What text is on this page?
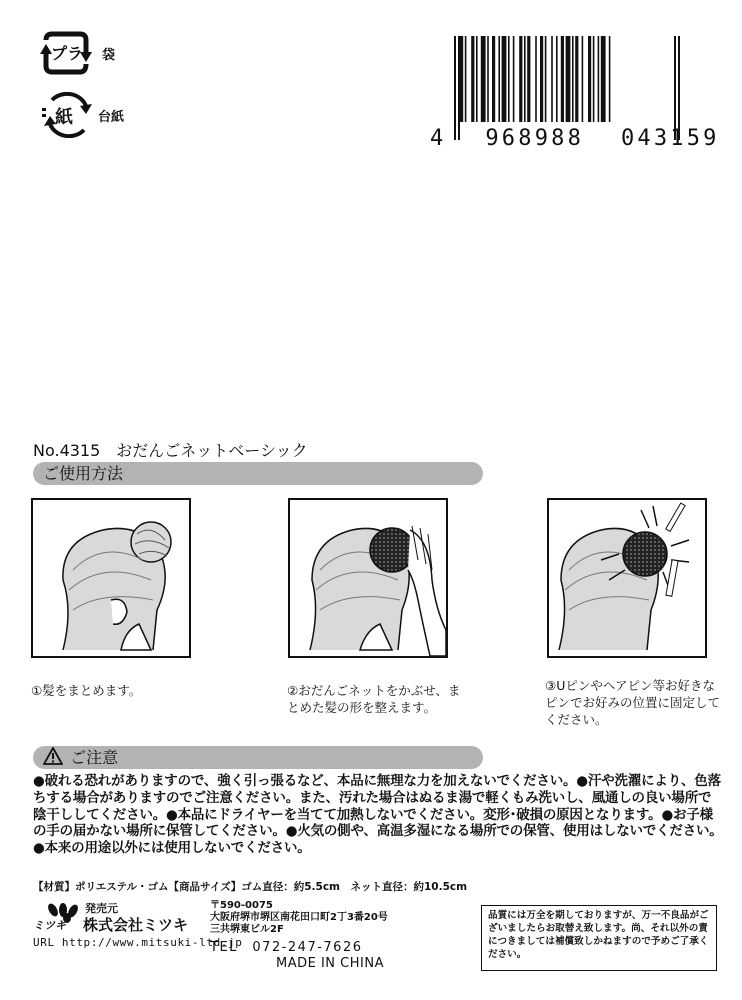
プラ 袋
紙 台紙
4 968988 043159
No.4315　おだんごネットベーシック
ご使用方法
①髪をまとめます。	②おだんごネットをかぶせ、まとめた髪の形を整えます。
③Uピンやヘアピン等お好きなピンでお好みの位置に固定してください。
ご注意
●破れる恐れがありますので、強く引っ張るなど、本品に無理な力を加えないでください。●汗や洗濯により、色落ちする場合がありますのでご注意ください。また、汚れた場合はぬるま湯で軽くもみ洗いし、風通しの良い場所で陰干ししてください。●本品にドライヤーを当てて加熱しないでください。変形･破損の原因となります。●お子様の手の届かない場所に保管してください。●火気の側や、高温多湿になる場所での保管、使用はしないでください。●本来の用途以外には使用しないでください。
【材質】ポリエステル・ゴム【商品サイズ】ゴム直径：約5.5cm　ネット直径：約10.5cm
ミツキ
発売元
株式会社ミツキ
〒590-0075
大阪府堺市堺区南花田口町2丁3番20号
三共堺東ビル2F
TEL　072-247-7626
URL http://www.mitsuki-ltd.jp
MADE IN CHINA
品質には万全を期しておりますが、万一不良品がございましたらお取替え致します。尚、それ以外の責につきましては補償致しかねますので予めご了承ください。
